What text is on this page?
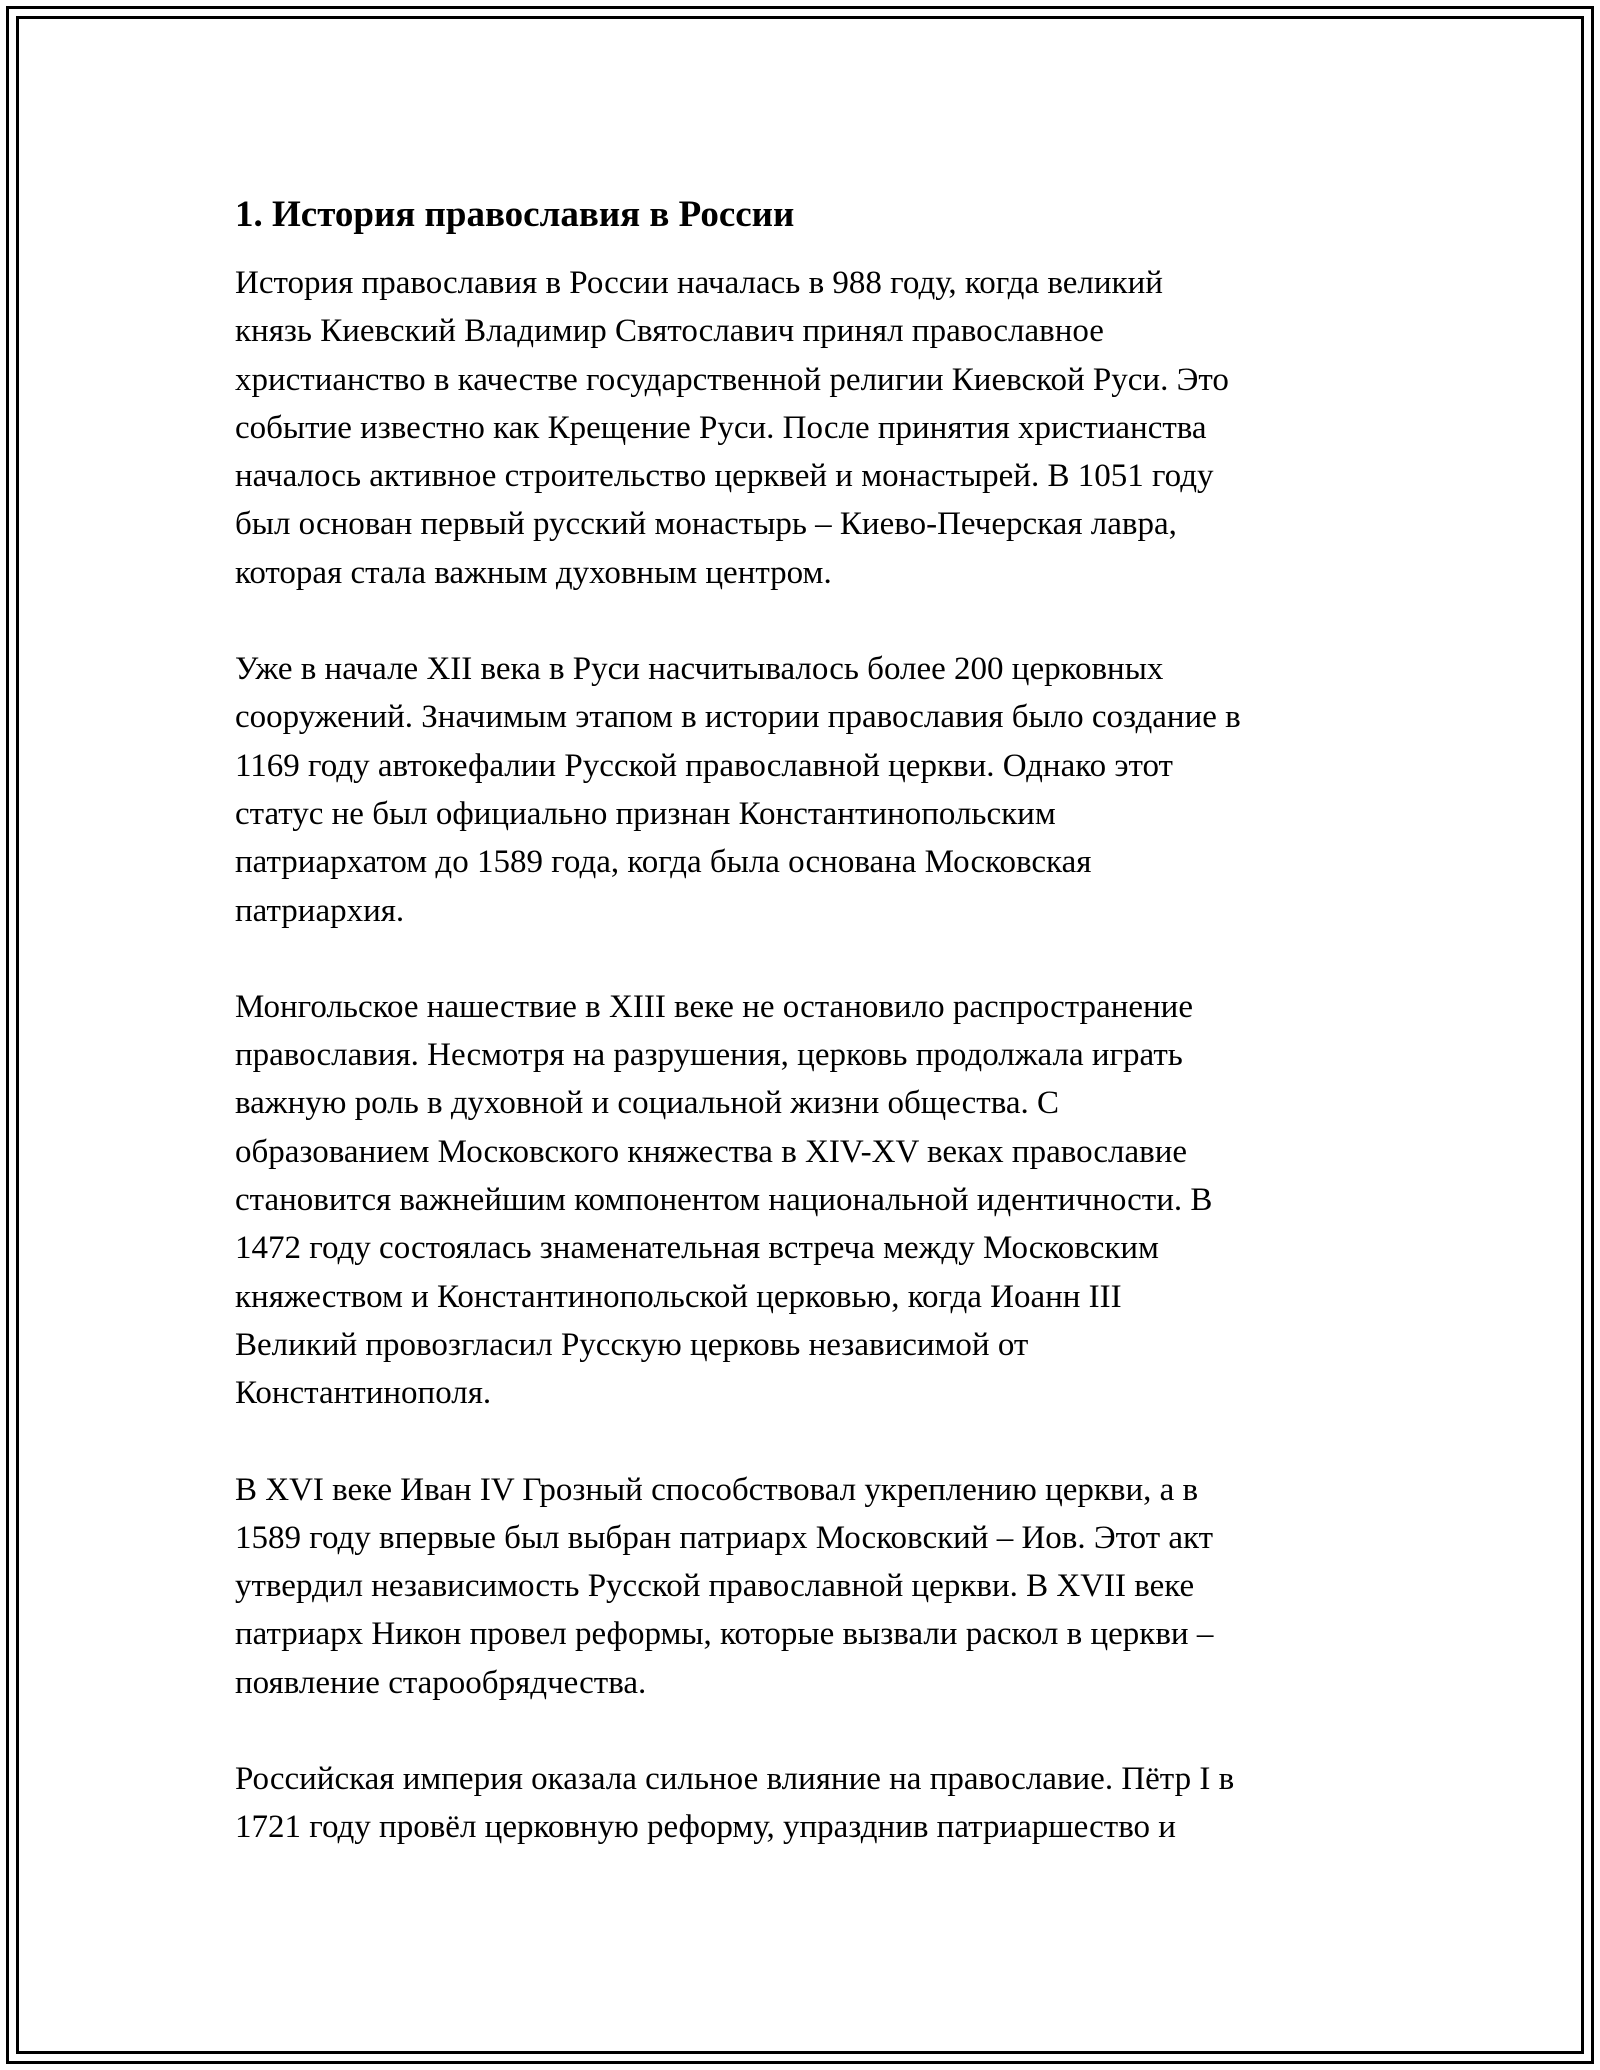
1. История православия в России

История православия в России началась в 988 году, когда великий
князь Киевский Владимир Святославич принял православное
христианство в качестве государственной религии Киевской Руси. Это
событие известно как Крещение Руси. После принятия христианства
началось активное строительство церквей и монастырей. В 1051 году
был основан первый русский монастырь – Киево-Печерская лавра,
которая стала важным духовным центром.

Уже в начале XII века в Руси насчитывалось более 200 церковных
сооружений. Значимым этапом в истории православия было создание в
1169 году автокефалии Русской православной церкви. Однако этот
статус не был официально признан Константинопольским
патриархатом до 1589 года, когда была основана Московская
патриархия.

Монгольское нашествие в XIII веке не остановило распространение
православия. Несмотря на разрушения, церковь продолжала играть
важную роль в духовной и социальной жизни общества. С
образованием Московского княжества в XIV-XV веках православие
становится важнейшим компонентом национальной идентичности. В
1472 году состоялась знаменательная встреча между Московским
княжеством и Константинопольской церковью, когда Иоанн III
Великий провозгласил Русскую церковь независимой от
Константинополя.

В XVI веке Иван IV Грозный способствовал укреплению церкви, а в
1589 году впервые был выбран патриарх Московский – Иов. Этот акт
утвердил независимость Русской православной церкви. В XVII веке
патриарх Никон провел реформы, которые вызвали раскол в церкви –
появление старообрядчества.

Российская империя оказала сильное влияние на православие. Пётр I в
1721 году провёл церковную реформу, упразднив патриаршество и
